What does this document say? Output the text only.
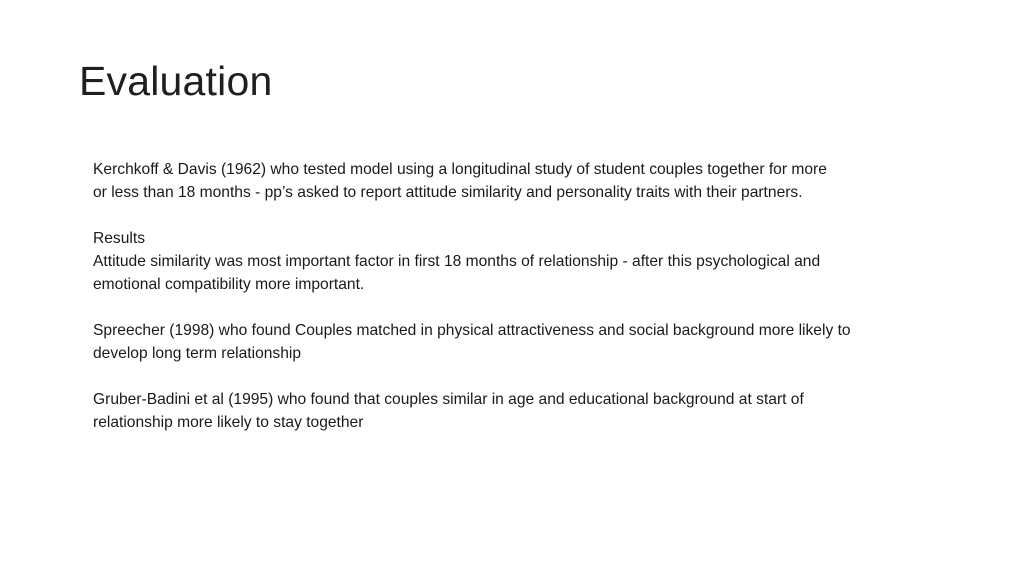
Evaluation

Kerchkoff & Davis (1962) who tested model using a longitudinal study of student couples together for more
or less than 18 months - pp’s asked to report attitude similarity and personality traits with their partners.

Results
Attitude similarity was most important factor in first 18 months of relationship - after this psychological and
emotional compatibility more important.

Spreecher (1998) who found Couples matched in physical attractiveness and social background more likely to
develop long term relationship

Gruber-Badini et al (1995) who found that couples similar in age and educational background at start of
relationship more likely to stay together
